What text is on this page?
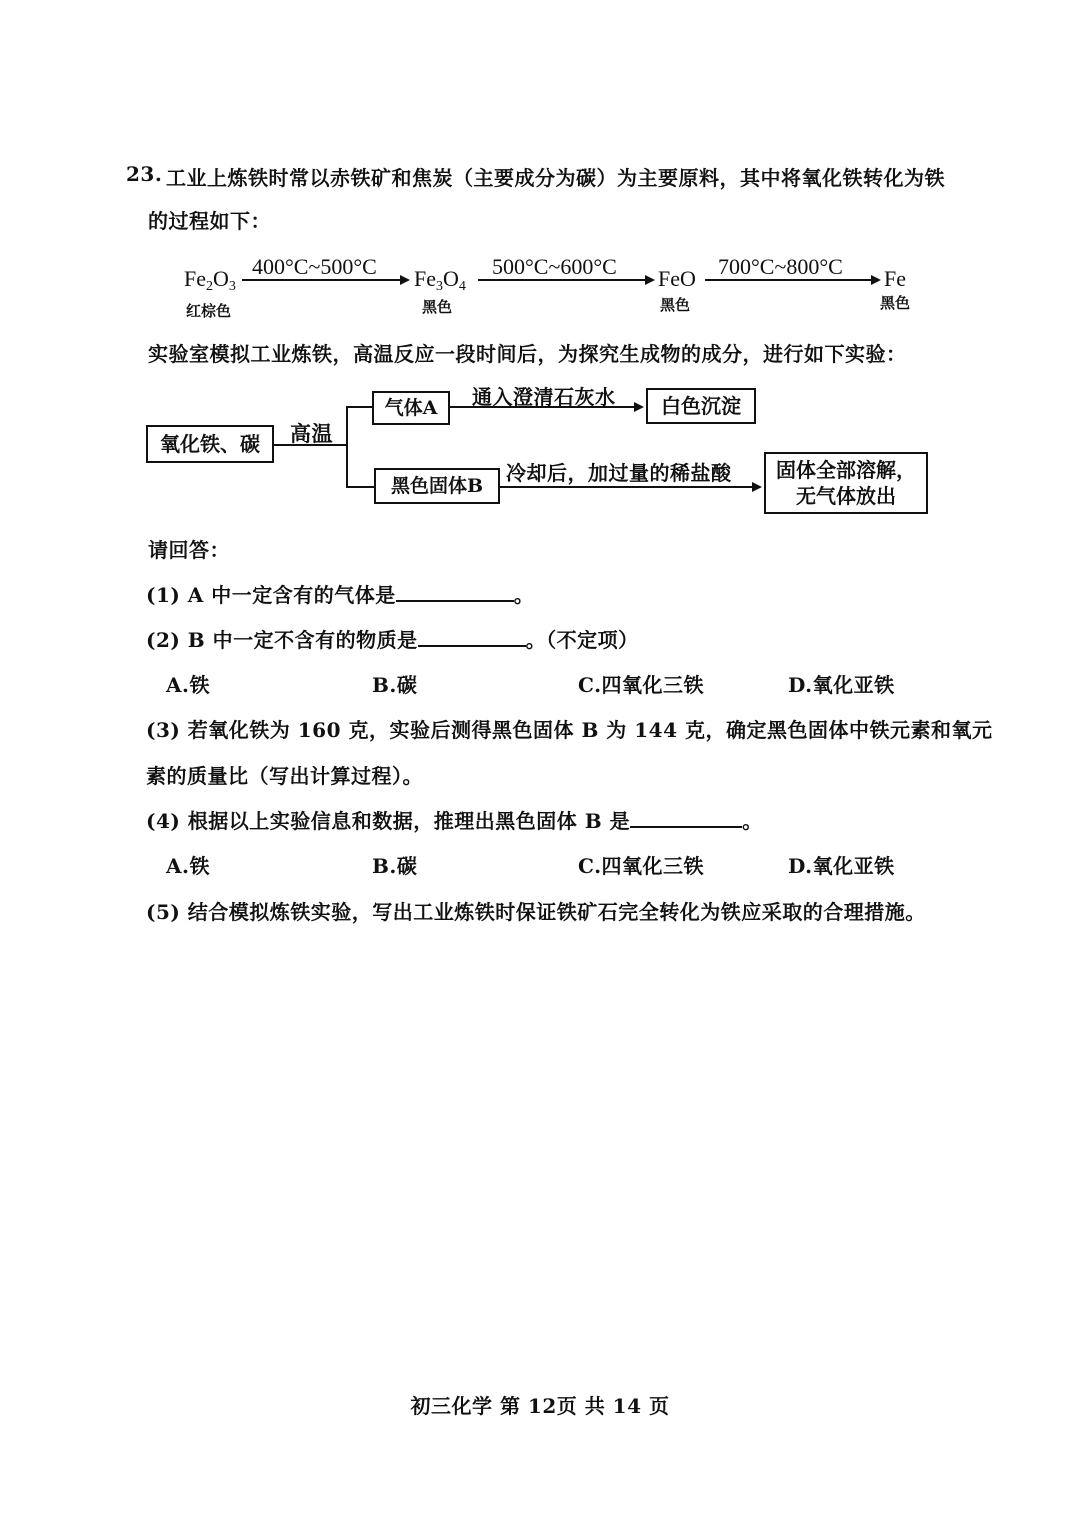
23. 工业上炼铁时常以赤铁矿和焦炭（主要成分为碳）为主要原料，其中将氧化铁转化为铁
的过程如下：
$Fe_2O_3$
红棕色
400°C~500°C $Fe_3O_4$
黑色
500°C~600°C FeO
黑色
700°C~800°C Fe
黑色
实验室模拟工业炼铁，高温反应一段时间后，为探究生成物的成分，进行如下实验：
氧化铁、碳	高温
气体A	通入澄清石灰水	白色沉淀
黑色固体B
冷却后，加过量的稀盐酸	固体全部溶解，
无气体放出
请回答：
(1) A 中一定含有的气体是	。
(2) B 中一定不含有的物质是	。（不定项）
A.铁	B.碳	C.四氧化三铁	D.氧化亚铁
(3) 若氧化铁为 160 克，实验后测得黑色固体 B 为 144 克，确定黑色固体中铁元素和氧元
素的质量比（写出计算过程）。
(4) 根据以上实验信息和数据，推理出黑色固体 B 是	。
A.铁	B.碳	C.四氧化三铁	D.氧化亚铁
(5) 结合模拟炼铁实验，写出工业炼铁时保证铁矿石完全转化为铁应采取的合理措施。
初三化学 第 12页 共 14 页
